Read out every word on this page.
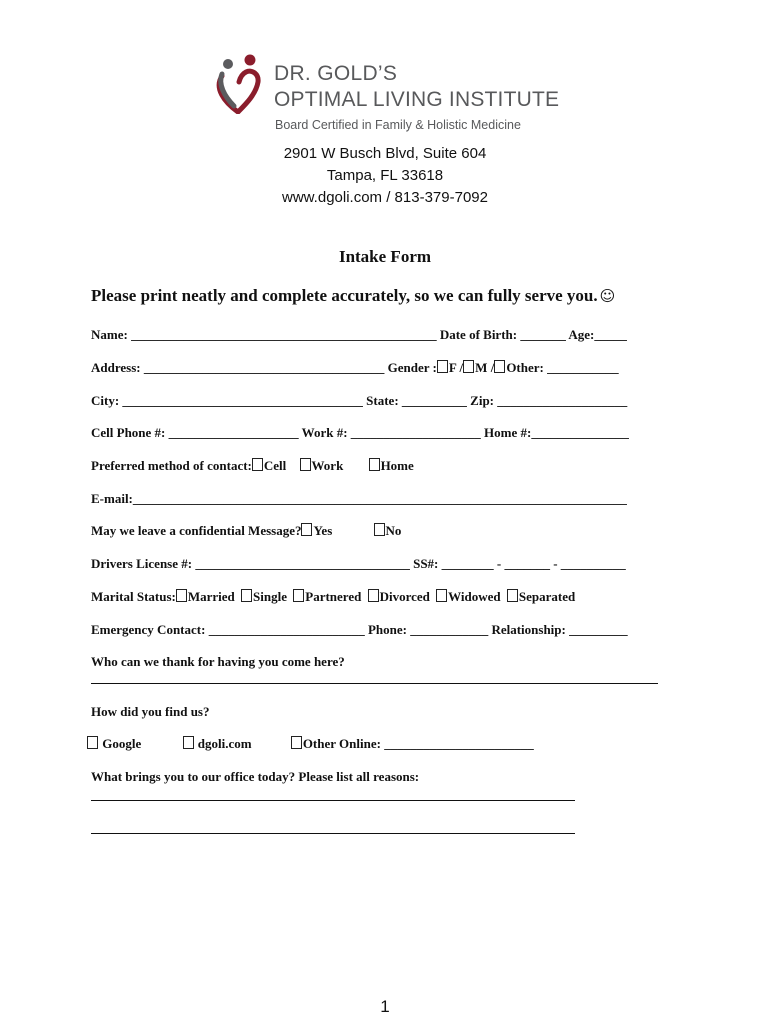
DR. GOLD’S
OPTIMAL LIVING INSTITUTE
Board Certified in Family & Holistic Medicine
2901 W Busch Blvd, Suite 604
Tampa, FL 33618
www.dgoli.com / 813-379-7092
Intake Form
Please print neatly and complete accurately, so we can fully serve you. ☺
Name: _______________________________________________ Date of Birth: _______ Age:_____
Address: _____________________________________ Gender : F / M / Other: ___________
City: _____________________________________ State: __________ Zip: ____________________
Cell Phone #: ____________________ Work #: ____________________ Home #:_______________
Preferred method of contact: Cell Work	Home
E-mail:____________________________________________________________________________
May we leave a confidential Message? Yes	No
Drivers License #: _________________________________ SS#: ________ - _______ - __________
Marital Status: Married Single Partnered Divorced Widowed Separated
Emergency Contact: ________________________ Phone: ____________ Relationship: _________
Who can we thank for having you come here?
How did you find us?
Google	dgoli.com	Other Online: _______________________
What brings you to our office today? Please list all reasons:
1
